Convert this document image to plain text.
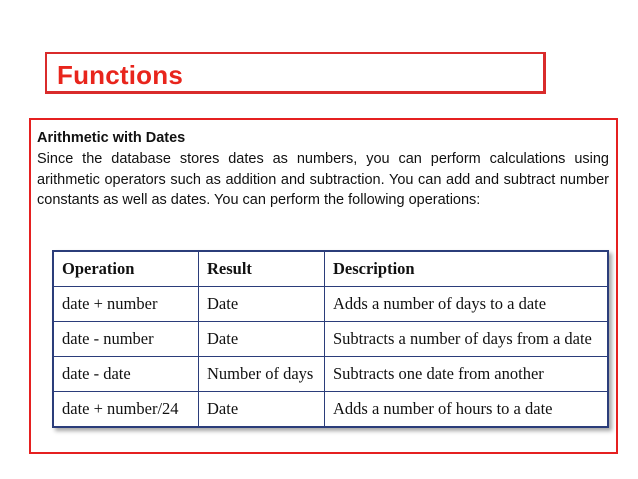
Functions
Arithmetic with Dates
Since the database stores dates as numbers, you can perform calculations using arithmetic operators such as addition and subtraction. You can add and subtract number constants as well as dates. You can perform the following operations:
Operation	Result	Description
date + number	Date	Adds a number of days to a date
date - number	Date	Subtracts a number of days from a date
date - date	Number of days	Subtracts one date from another
date + number/24	Date	Adds a number of hours to a date
